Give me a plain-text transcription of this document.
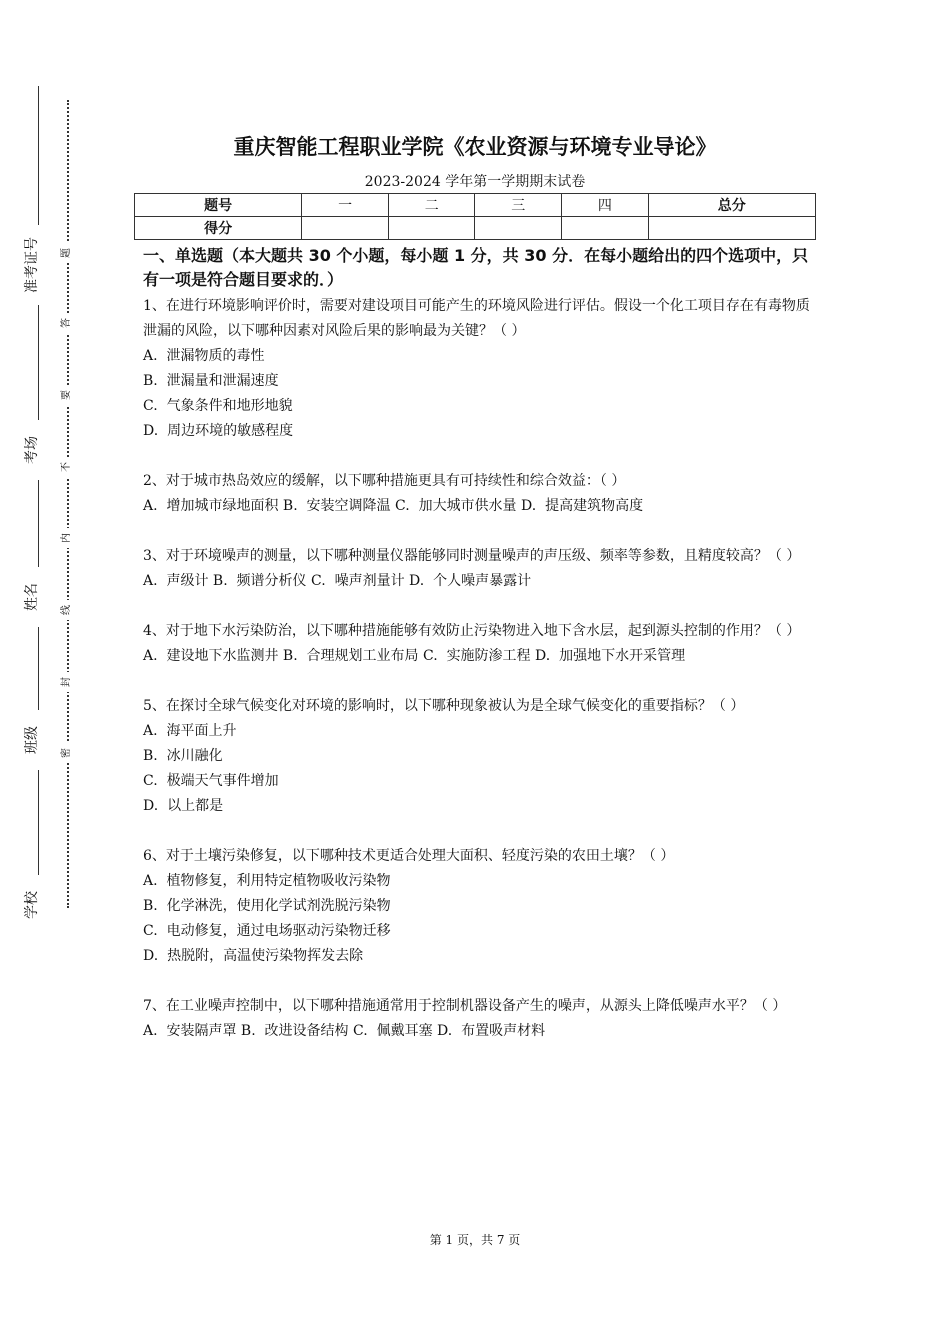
准考证号
考场
姓名
班级
学校
题
答
要
不
内
线
封
密
重庆智能工程职业学院《农业资源与环境专业导论》
2023-2024 学年第一学期期末试卷
题号	一	二	三	四	总分
得分					

一、单选题（本大题共 30 个小题，每小题 1 分，共 30 分．在每小题给出的四个选项中，只有一项是符合题目要求的．）

1、在进行环境影响评价时，需要对建设项目可能产生的环境风险进行评估。假设一个化工项目存在有毒物质泄漏的风险，以下哪种因素对风险后果的影响最为关键？（ ）

A.  泄漏物质的毒性

B.  泄漏量和泄漏速度

C.  气象条件和地形地貌

D.  周边环境的敏感程度

2、对于城市热岛效应的缓解，以下哪种措施更具有可持续性和综合效益：（ ）

A.  增加城市绿地面积 B.  安装空调降温 C.  加大城市供水量 D.  提高建筑物高度

3、对于环境噪声的测量，以下哪种测量仪器能够同时测量噪声的声压级、频率等参数，且精度较高？（ ）

A.  声级计 B.  频谱分析仪 C.  噪声剂量计 D.  个人噪声暴露计

4、对于地下水污染防治，以下哪种措施能够有效防止污染物进入地下含水层，起到源头控制的作用？（ ）

A.  建设地下水监测井 B.  合理规划工业布局 C.  实施防渗工程 D.  加强地下水开采管理

5、在探讨全球气候变化对环境的影响时，以下哪种现象被认为是全球气候变化的重要指标？（ ）

A.  海平面上升

B.  冰川融化

C.  极端天气事件增加

D.  以上都是

6、对于土壤污染修复，以下哪种技术更适合处理大面积、轻度污染的农田土壤？（ ）

A.  植物修复，利用特定植物吸收污染物

B.  化学淋洗，使用化学试剂洗脱污染物

C.  电动修复，通过电场驱动污染物迁移

D.  热脱附，高温使污染物挥发去除

7、在工业噪声控制中，以下哪种措施通常用于控制机器设备产生的噪声，从源头上降低噪声水平？（ ）

A.  安装隔声罩 B.  改进设备结构 C.  佩戴耳塞 D.  布置吸声材料

第 1 页，共 7 页
